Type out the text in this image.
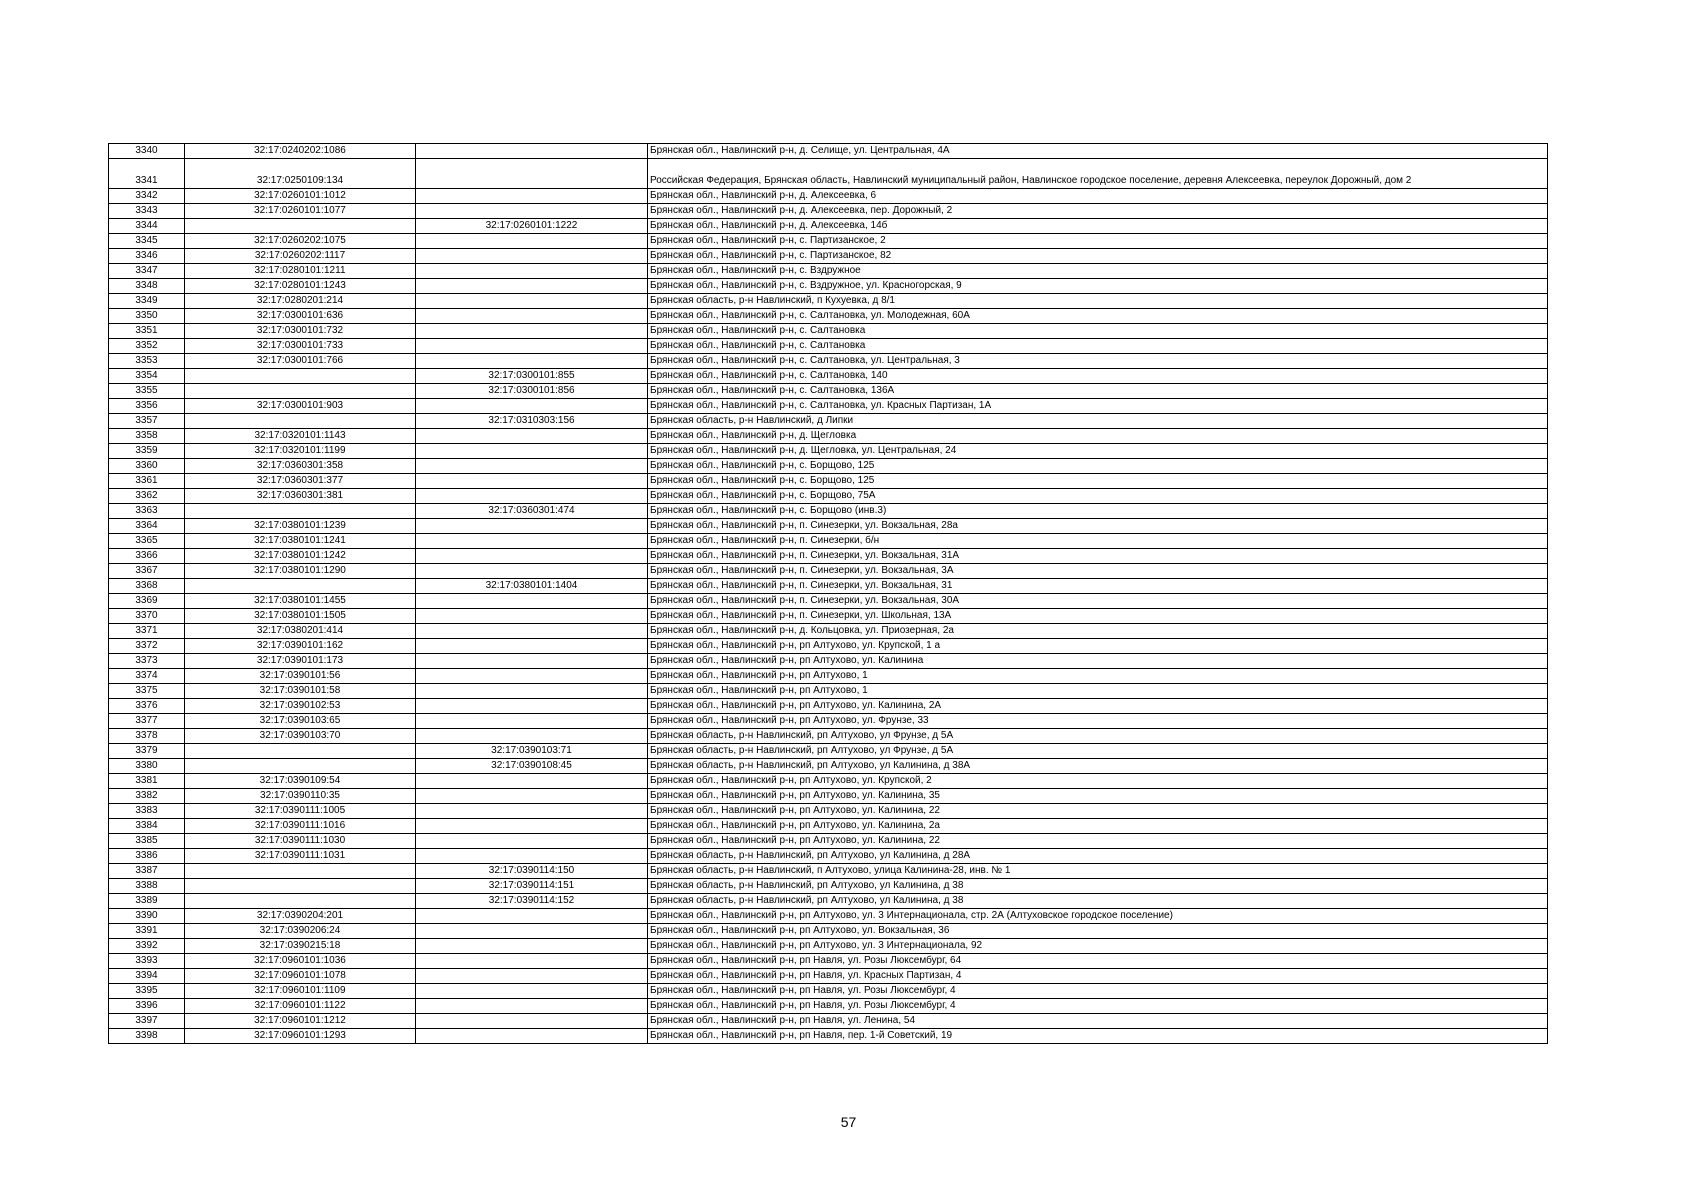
3340	32:17:0240202:1086		Брянская обл., Навлинский р-н, д. Селище, ул. Центральная, 4А
3341	32:17:0250109:134		Российская Федерация, Брянская область, Навлинский муниципальный район, Навлинское городское поселение, деревня Алексеевка, переулок Дорожный, дом 2
3342	32:17:0260101:1012		Брянская обл., Навлинский р-н, д. Алексеевка, 6
3343	32:17:0260101:1077		Брянская обл., Навлинский р-н, д. Алексеевка, пер. Дорожный, 2
3344		32:17:0260101:1222	Брянская обл., Навлинский р-н, д. Алексеевка, 14б
3345	32:17:0260202:1075		Брянская обл., Навлинский р-н, с. Партизанское, 2
3346	32:17:0260202:1117		Брянская обл., Навлинский р-н, с. Партизанское, 82
3347	32:17:0280101:1211		Брянская обл., Навлинский р-н, с. Вздружное
3348	32:17:0280101:1243		Брянская обл., Навлинский р-н, с. Вздружное, ул. Красногорская, 9
3349	32:17:0280201:214		Брянская область, р-н Навлинский, п Кухуевка, д 8/1
3350	32:17:0300101:636		Брянская обл., Навлинский р-н, с. Салтановка, ул. Молодежная, 60А
3351	32:17:0300101:732		Брянская обл., Навлинский р-н, с. Салтановка
3352	32:17:0300101:733		Брянская обл., Навлинский р-н, с. Салтановка
3353	32:17:0300101:766		Брянская обл., Навлинский р-н, с. Салтановка, ул. Центральная, 3
3354		32:17:0300101:855	Брянская обл., Навлинский р-н, с. Салтановка, 140
3355		32:17:0300101:856	Брянская обл., Навлинский р-н, с. Салтановка, 136А
3356	32:17:0300101:903		Брянская обл., Навлинский р-н, с. Салтановка, ул. Красных Партизан, 1А
3357		32:17:0310303:156	Брянская область, р-н Навлинский, д Липки
3358	32:17:0320101:1143		Брянская обл., Навлинский р-н, д. Щегловка
3359	32:17:0320101:1199		Брянская обл., Навлинский р-н, д. Щегловка, ул. Центральная, 24
3360	32:17:0360301:358		Брянская обл., Навлинский р-н, с. Борщово, 125
3361	32:17:0360301:377		Брянская обл., Навлинский р-н, с. Борщово, 125
3362	32:17:0360301:381		Брянская обл., Навлинский р-н, с. Борщово, 75А
3363		32:17:0360301:474	Брянская обл., Навлинский р-н, с. Борщово (инв.3)
3364	32:17:0380101:1239		Брянская обл., Навлинский р-н, п. Синезерки, ул. Вокзальная, 28а
3365	32:17:0380101:1241		Брянская обл., Навлинский р-н, п. Синезерки, б/н
3366	32:17:0380101:1242		Брянская обл., Навлинский р-н, п. Синезерки, ул. Вокзальная, 31А
3367	32:17:0380101:1290		Брянская обл., Навлинский р-н, п. Синезерки, ул. Вокзальная, 3А
3368		32:17:0380101:1404	Брянская обл., Навлинский р-н, п. Синезерки, ул. Вокзальная, 31
3369	32:17:0380101:1455		Брянская обл., Навлинский р-н, п. Синезерки, ул. Вокзальная, 30А
3370	32:17:0380101:1505		Брянская обл., Навлинский р-н, п. Синезерки, ул. Школьная, 13А
3371	32:17:0380201:414		Брянская обл., Навлинский р-н, д. Кольцовка, ул. Приозерная, 2а
3372	32:17:0390101:162		Брянская обл., Навлинский р-н, рп Алтухово, ул. Крупской, 1 а
3373	32:17:0390101:173		Брянская обл., Навлинский р-н, рп Алтухово, ул. Калинина
3374	32:17:0390101:56		Брянская обл., Навлинский р-н, рп Алтухово, 1
3375	32:17:0390101:58		Брянская обл., Навлинский р-н, рп Алтухово, 1
3376	32:17:0390102:53		Брянская обл., Навлинский р-н, рп Алтухово, ул. Калинина, 2А
3377	32:17:0390103:65		Брянская обл., Навлинский р-н, рп Алтухово, ул. Фрунзе, 33
3378	32:17:0390103:70		Брянская область, р-н Навлинский, рп Алтухово, ул Фрунзе, д 5А
3379		32:17:0390103:71	Брянская область, р-н Навлинский, рп Алтухово, ул Фрунзе, д 5А
3380		32:17:0390108:45	Брянская область, р-н Навлинский, рп Алтухово, ул Калинина, д 38А
3381	32:17:0390109:54		Брянская обл., Навлинский р-н, рп Алтухово, ул. Крупской, 2
3382	32:17:0390110:35		Брянская обл., Навлинский р-н, рп Алтухово, ул. Калинина, 35
3383	32:17:0390111:1005		Брянская обл., Навлинский р-н, рп Алтухово, ул. Калинина, 22
3384	32:17:0390111:1016		Брянская обл., Навлинский р-н, рп Алтухово, ул. Калинина, 2а
3385	32:17:0390111:1030		Брянская обл., Навлинский р-н, рп Алтухово, ул. Калинина, 22
3386	32:17:0390111:1031		Брянская область, р-н Навлинский, рп Алтухово, ул Калинина, д 28А
3387		32:17:0390114:150	Брянская область, р-н Навлинский, п Алтухово, улица Калинина-28, инв. № 1
3388		32:17:0390114:151	Брянская область, р-н Навлинский, рп Алтухово, ул Калинина, д 38
3389		32:17:0390114:152	Брянская область, р-н Навлинский, рп Алтухово, ул Калинина, д 38
3390	32:17:0390204:201		Брянская обл., Навлинский р-н, рп Алтухово, ул. 3 Интернационала, стр. 2А (Алтуховское городское поселение)
3391	32:17:0390206:24		Брянская обл., Навлинский р-н, рп Алтухово, ул. Вокзальная, 36
3392	32:17:0390215:18		Брянская обл., Навлинский р-н, рп Алтухово, ул. 3 Интернационала, 92
3393	32:17:0960101:1036		Брянская обл., Навлинский р-н, рп Навля, ул. Розы Люксембург, 64
3394	32:17:0960101:1078		Брянская обл., Навлинский р-н, рп Навля, ул. Красных Партизан, 4
3395	32:17:0960101:1109		Брянская обл., Навлинский р-н, рп Навля, ул. Розы Люксембург, 4
3396	32:17:0960101:1122		Брянская обл., Навлинский р-н, рп Навля, ул. Розы Люксембург, 4
3397	32:17:0960101:1212		Брянская обл., Навлинский р-н, рп Навля, ул. Ленина, 54
3398	32:17:0960101:1293		Брянская обл., Навлинский р-н, рп Навля, пер. 1-й Советский, 19
57
